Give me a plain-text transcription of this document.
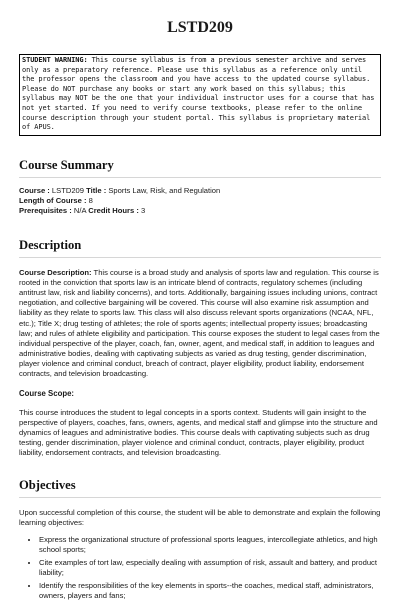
LSTD209
STUDENT WARNING: This course syllabus is from a previous semester archive and serves only as a preparatory reference. Please use this syllabus as a reference only until the professor opens the classroom and you have access to the updated course syllabus. Please do NOT purchase any books or start any work based on this syllabus; this syllabus may NOT be the one that your individual instructor uses for a course that has not yet started. If you need to verify course textbooks, please refer to the online course description through your student portal. This syllabus is proprietary material of APUS.
Course Summary
Course : LSTD209 Title : Sports Law, Risk, and Regulation
Length of Course : 8
Prerequisites : N/A Credit Hours : 3
Description

Course Description: This course is a broad study and analysis of sports law and regulation. This course is rooted in the conviction that sports law is an intricate blend of contracts, regulatory schemes (including antitrust law, risk and liability concerns), and torts. Additionally, bargaining issues including unions, contract negotiation, and collective bargaining will be covered. This course will also examine risk assumption and liability as they relate to sports law. This class will also discuss relevant sports organizations (NCAA, NFL, etc.); Title X; drug testing of athletes; the role of sports agents; intellectual property issues; broadcasting law; and rules of athlete eligibility and participation. This course exposes the student to legal cases from the individual perspective of the player, coach, fan, owner, agent, and medical staff, in addition to leagues and administrative bodies, dealing with captivating subjects as varied as drug testing, gender discrimination, player violence and criminal conduct, breach of contract, player eligibility, product liability, endorsement contracts, and television broadcasting.

Course Scope:

This course introduces the student to legal concepts in a sports context. Students will gain insight to the perspective of players, coaches, fans, owners, agents, and medical staff and glimpse into the structure and dynamics of leagues and administrative bodies. This course deals with captivating subjects such as drug testing, gender discrimination, player violence and criminal conduct, contracts, player eligibility, product liability, endorsement contracts, and television broadcasting.

Objectives

Upon successful completion of this course, the student will be able to demonstrate and explain the following learning objectives:

• Express the organizational structure of professional sports leagues, intercollegiate athletics, and high school sports;
• Cite examples of tort law, especially dealing with assumption of risk, assault and battery, and product liability;
• Identify the responsibilities of the key elements in sports--the coaches, medical staff, administrators, owners, players and fans;
